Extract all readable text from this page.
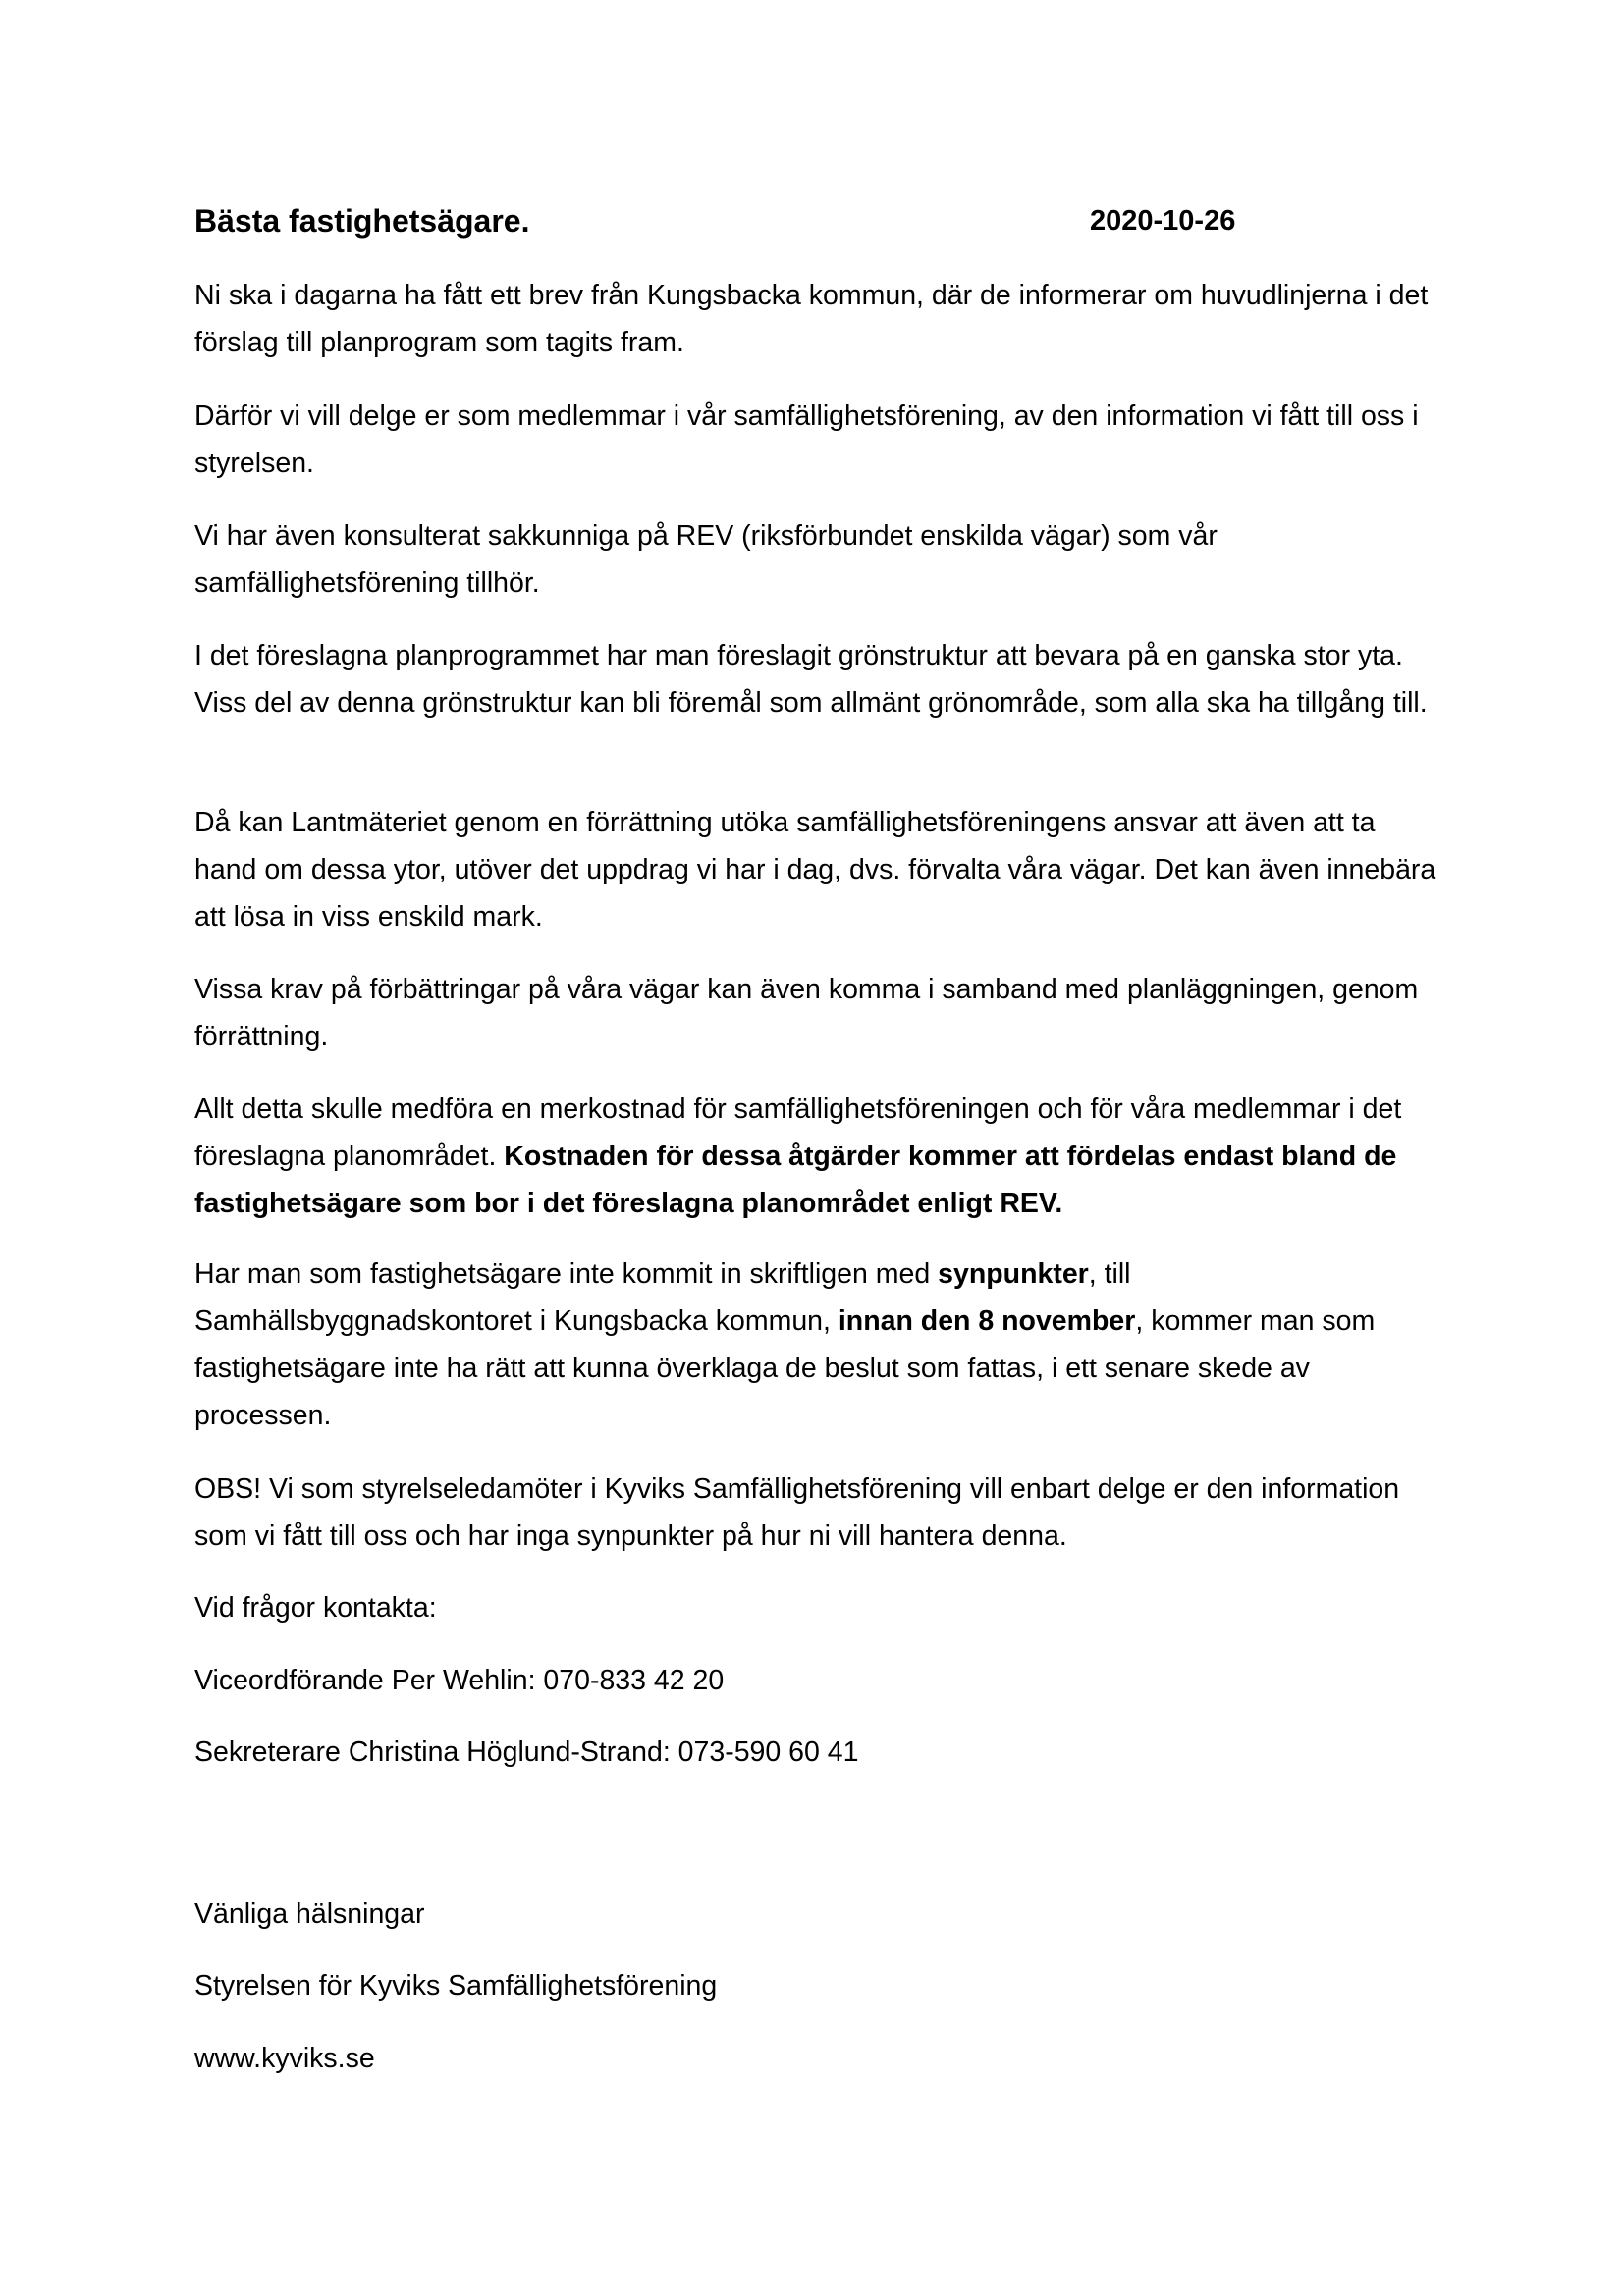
Bästa fastighetsägare.	2020-10-26

Ni ska i dagarna ha fått ett brev från Kungsbacka kommun, där de informerar om huvudlinjerna i det förslag till planprogram som tagits fram.

Därför vi vill delge er som medlemmar i vår samfällighetsförening, av den information vi fått till oss i styrelsen.

Vi har även konsulterat sakkunniga på REV (riksförbundet enskilda vägar) som vår samfällighetsförening tillhör.

I det föreslagna planprogrammet har man föreslagit grönstruktur att bevara på en ganska stor yta. Viss del av denna grönstruktur kan bli föremål som allmänt grönområde, som alla ska ha tillgång till.

Då kan Lantmäteriet genom en förrättning utöka samfällighetsföreningens ansvar att även att ta hand om dessa ytor, utöver det uppdrag vi har i dag, dvs. förvalta våra vägar. Det kan även innebära att lösa in viss enskild mark.

Vissa krav på förbättringar på våra vägar kan även komma i samband med planläggningen, genom förrättning.

Allt detta skulle medföra en merkostnad för samfällighetsföreningen och för våra medlemmar i det föreslagna planområdet. Kostnaden för dessa åtgärder kommer att fördelas endast bland de fastighetsägare som bor i det föreslagna planområdet enligt REV.

Har man som fastighetsägare inte kommit in skriftligen med synpunkter, till Samhällsbyggnadskontoret i Kungsbacka kommun, innan den 8 november, kommer man som fastighetsägare inte ha rätt att kunna överklaga de beslut som fattas, i ett senare skede av processen.

OBS! Vi som styrelseledamöter i Kyviks Samfällighetsförening vill enbart delge er den information som vi fått till oss och har inga synpunkter på hur ni vill hantera denna.

Vid frågor kontakta:

Viceordförande Per Wehlin: 070-833 42 20

Sekreterare Christina Höglund-Strand: 073-590 60 41

Vänliga hälsningar

Styrelsen för Kyviks Samfällighetsförening

www.kyviks.se
